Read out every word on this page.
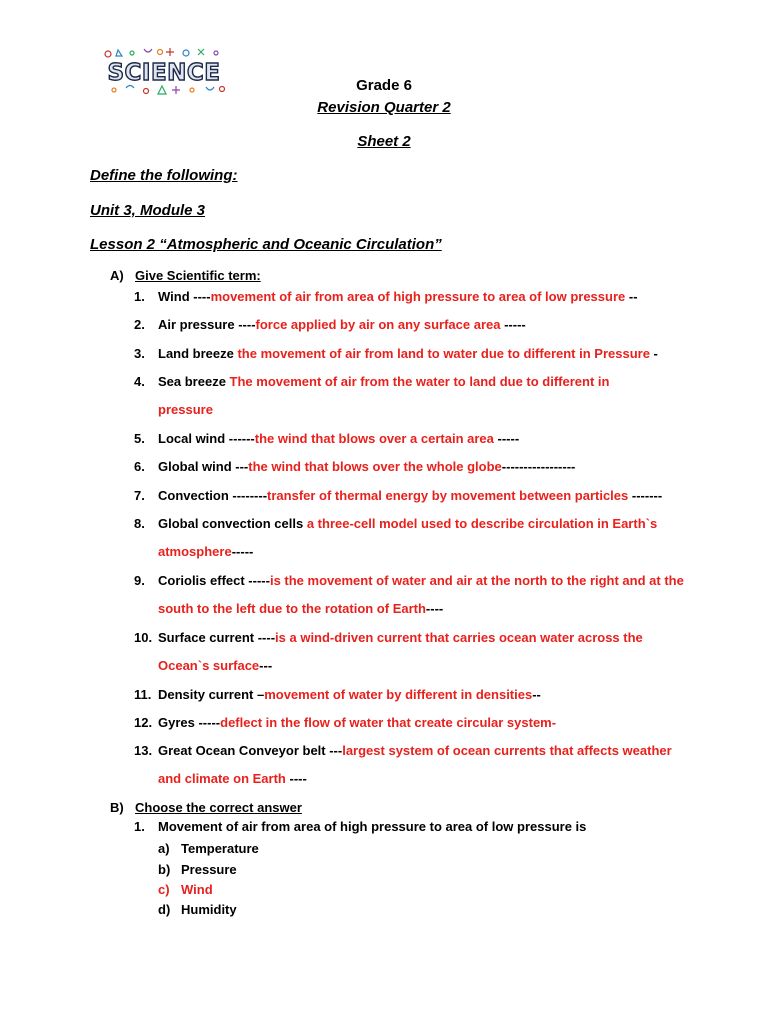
SCIENCE	Grade 6
Revision Quarter 2
Sheet 2
Define the following:
Unit 3, Module 3
Lesson 2 “Atmospheric and Oceanic Circulation”
A) Give Scientific term:
1.	Wind ----movement of air from area of high pressure to area of low pressure --
2.	Air pressure ----force applied by air on any surface area -----
3.	Land breeze the movement of air from land to water due to different in Pressure -
4.	Sea breeze The movement of air from the water to land due to different in pressure
5.	Local wind ------the wind that blows over a certain area -----
6.	Global wind ---the wind that blows over the whole globe-----------------
7.	Convection --------transfer of thermal energy by movement between particles -------
8.	Global convection cells a three-cell model used to describe circulation in Earth`s atmosphere-----
9.	Coriolis effect -----is the movement of water and air at the north to the right and at the south to the left due to the rotation of Earth----
10. Surface current ----is a wind-driven current that carries ocean water across the Ocean`s surface---
11. Density current –movement of water by different in densities--
12. Gyres -----deflect in the flow of water that create circular system-
13. Great Ocean Conveyor belt ---largest system of ocean currents that affects weather and climate on Earth ----
B) Choose the correct answer
1.	Movement of air from area of high pressure to area of low pressure is
a) Temperature
b) Pressure
c) Wind
d) Humidity
